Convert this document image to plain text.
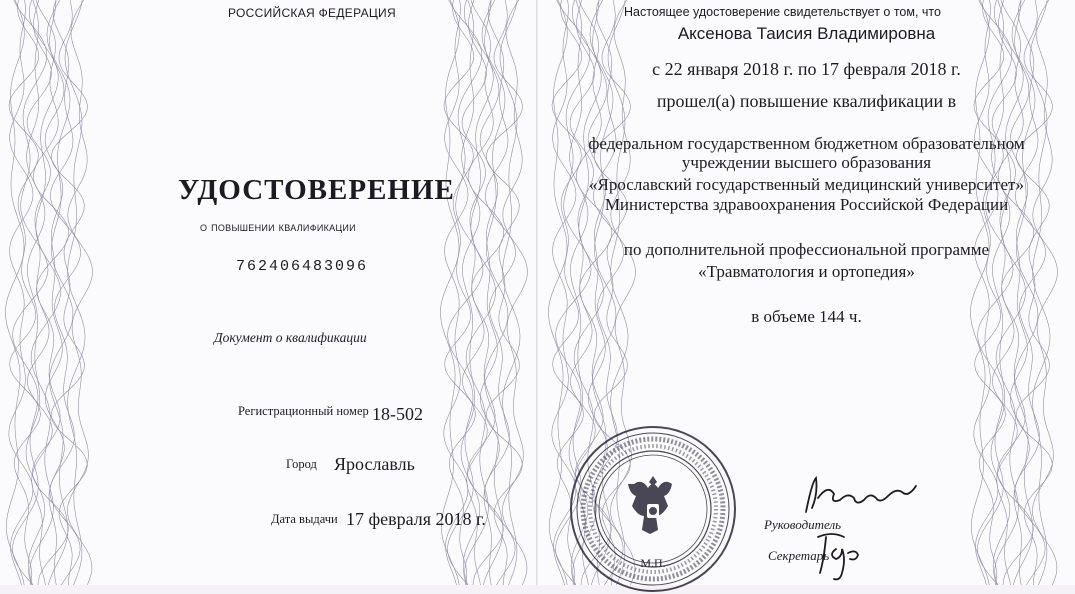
РОССИЙСКАЯ ФЕДЕРАЦИЯ
УДОСТОВЕРЕНИЕ
о повышении квалификации
762406483096
Документ о квалификации
Регистрационный номер 18-502
Город Ярославль
Дата выдачи 17 февраля 2018 г.
Настоящее удостоверение свидетельствует о том, что
Аксенова Таисия Владимировна
с 22 января 2018 г. по 17 февраля 2018 г.
прошел(а) повышение квалификации в
федеральном государственном бюджетном образовательном
учреждении высшего образования
«Ярославский государственный медицинский университет»
Министерства здравоохранения Российской Федерации
по дополнительной профессиональной программе
«Травматология и ортопедия»
в объеме 144 ч.
М.П.
Руководитель
Секретарь
